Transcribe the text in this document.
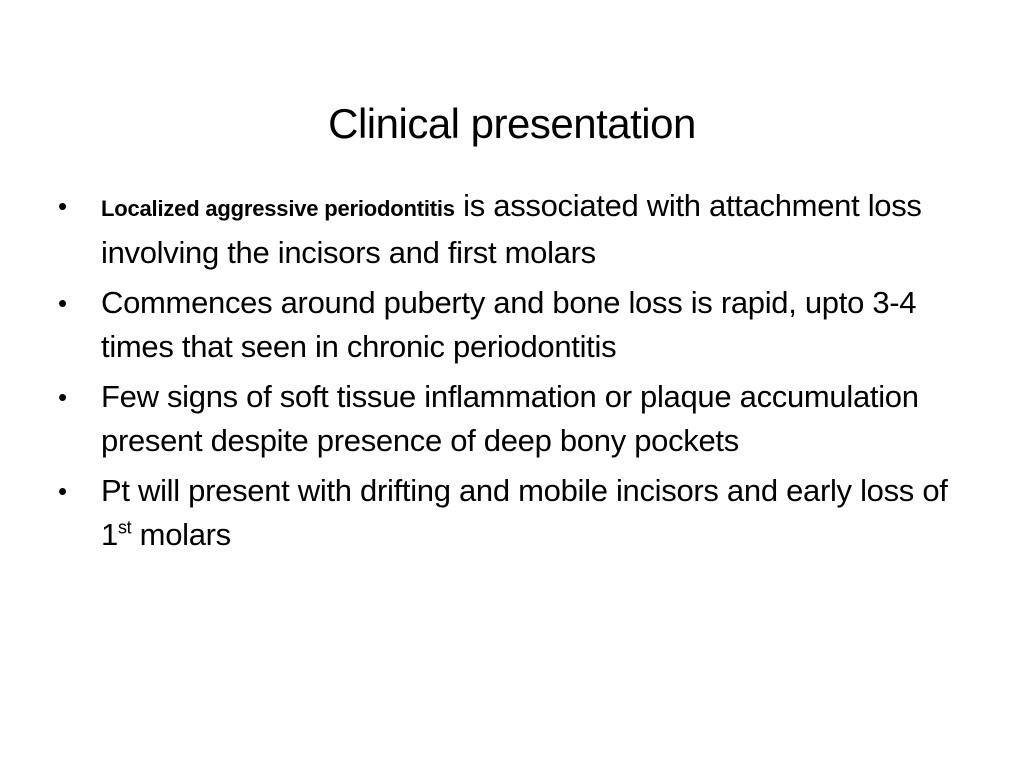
Clinical presentation
• Localized aggressive periodontitis is associated with attachment loss involving the incisors and first molars
• Commences around puberty and bone loss is rapid, upto 3-4 times that seen in chronic periodontitis
• Few signs of soft tissue inflammation or plaque accumulation present despite presence of deep bony pockets
• Pt will present with drifting and mobile incisors and early loss of 1st molars
